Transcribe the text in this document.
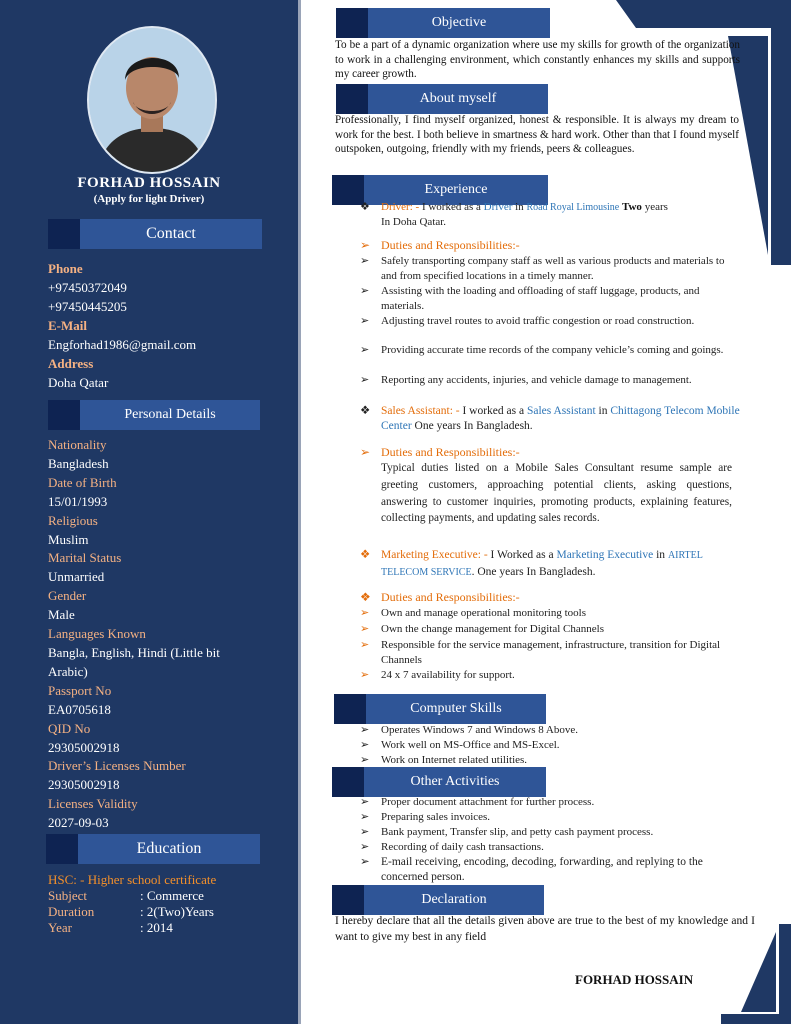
FORHAD HOSSAIN
(Apply for light Driver)
Contact
Phone
+97450372049
+97450445205
E-Mail
Engforhad1986@gmail.com
Address
Doha Qatar
Personal Details
Nationality
Bangladesh
Date of Birth
15/01/1993
Religious
Muslim
Marital Status
Unmarried
Gender
Male
Languages Known
Bangla, English, Hindi (Little bit
Arabic)
Passport No
EA0705618
QID No
29305002918
Driver’s Licenses Number
29305002918
Licenses Validity
2027-09-03
Education
HSC: - Higher school certificate
Subject	: Commerce
Duration	: 2(Two)Years
Year	: 2014
Objective
To be a part of a dynamic organization where use my skills for growth of the organization to work in a challenging environment, which constantly enhances my skills and supports my career growth.
About myself
Professionally, I find myself organized, honest & responsible. It is always my dream to work for the best. I both believe in smartness & hard work. Other than that I found myself outspoken, outgoing, friendly with my friends, peers & colleagues.
Experience
❖	Driver: - I worked as a Driver in Road Royal Limousine Two years
In Doha Qatar.
➢ Duties and Responsibilities:-
➢	Safely transporting company staff as well as various products and materials to and from specified locations in a timely manner.
➢	Assisting with the loading and offloading of staff luggage, products, and materials.
➢	Adjusting travel routes to avoid traffic congestion or road construction.
➢	Providing accurate time records of the company vehicle’s coming and goings.
➢	Reporting any accidents, injuries, and vehicle damage to management.
❖ Sales Assistant: - I worked as a Sales Assistant in Chittagong Telecom Mobile Center One years In Bangladesh.
➢ Duties and Responsibilities:-
Typical duties listed on a Mobile Sales Consultant resume sample are greeting customers, approaching potential clients, asking questions, answering to customer inquiries, promoting products, explaining features, collecting payments, and updating sales records.
❖ Marketing Executive: - I Worked as a Marketing Executive in AIRTEL TELECOM SERVICE. One years In Bangladesh.
❖ Duties and Responsibilities:-
➢	Own and manage operational monitoring tools
➢	Own the change management for Digital Channels
➢	Responsible for the service management, infrastructure, transition for Digital Channels
➢	24 x 7 availability for support.
Computer Skills
➢	Operates Windows 7 and Windows 8 Above.
➢	Work well on MS-Office and MS-Excel.
➢	Work on Internet related utilities.
Other Activities
➢	Proper document attachment for further process.
➢	Preparing sales invoices.
➢	Bank payment, Transfer slip, and petty cash payment process.
➢	Recording of daily cash transactions.
➢ E-mail receiving, encoding, decoding, forwarding, and replying to the concerned person.
Declaration
I hereby declare that all the details given above are true to the best of my knowledge and I want to give my best in any field
FORHAD HOSSAIN
